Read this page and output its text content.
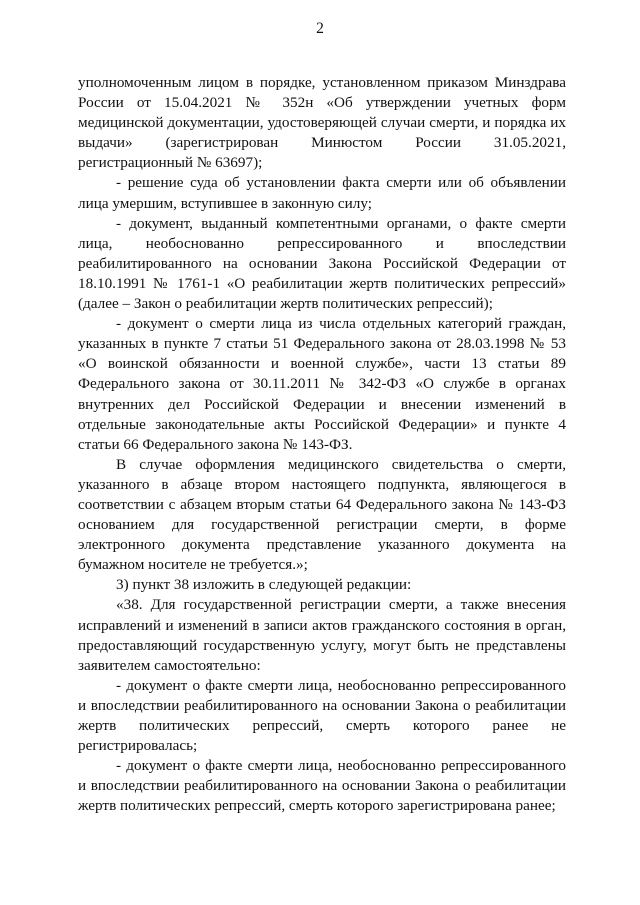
2

уполномоченным лицом в порядке, установленном приказом Минздрава России от 15.04.2021 № 352н «Об утверждении учетных форм медицинской документации, удостоверяющей случаи смерти, и порядка их выдачи» (зарегистрирован Минюстом России 31.05.2021, регистрационный № 63697);

- решение суда об установлении факта смерти или об объявлении лица умершим, вступившее в законную силу;

- документ, выданный компетентными органами, о факте смерти лица, необоснованно репрессированного и впоследствии реабилитированного на основании Закона Российской Федерации от 18.10.1991 № 1761-1 «О реабилитации жертв политических репрессий» (далее – Закон о реабилитации жертв политических репрессий);

- документ о смерти лица из числа отдельных категорий граждан, указанных в пункте 7 статьи 51 Федерального закона от 28.03.1998 № 53 «О воинской обязанности и военной службе», части 13 статьи 89 Федерального закона от 30.11.2011 № 342-ФЗ «О службе в органах внутренних дел Российской Федерации и внесении изменений в отдельные законодательные акты Российской Федерации» и пункте 4 статьи 66 Федерального закона № 143-ФЗ.

В случае оформления медицинского свидетельства о смерти, указанного в абзаце втором настоящего подпункта, являющегося в соответствии с абзацем вторым статьи 64 Федерального закона № 143-ФЗ основанием для государственной регистрации смерти, в форме электронного документа представление указанного документа на бумажном носителе не требуется.»;

3) пункт 38 изложить в следующей редакции:

«38. Для государственной регистрации смерти, а также внесения исправлений и изменений в записи актов гражданского состояния в орган, предоставляющий государственную услугу, могут быть не представлены заявителем самостоятельно:

- документ о факте смерти лица, необоснованно репрессированного и впоследствии реабилитированного на основании Закона о реабилитации жертв политических репрессий, смерть которого ранее не регистрировалась;

- документ о факте смерти лица, необоснованно репрессированного и впоследствии реабилитированного на основании Закона о реабилитации жертв политических репрессий, смерть которого зарегистрирована ранее;
